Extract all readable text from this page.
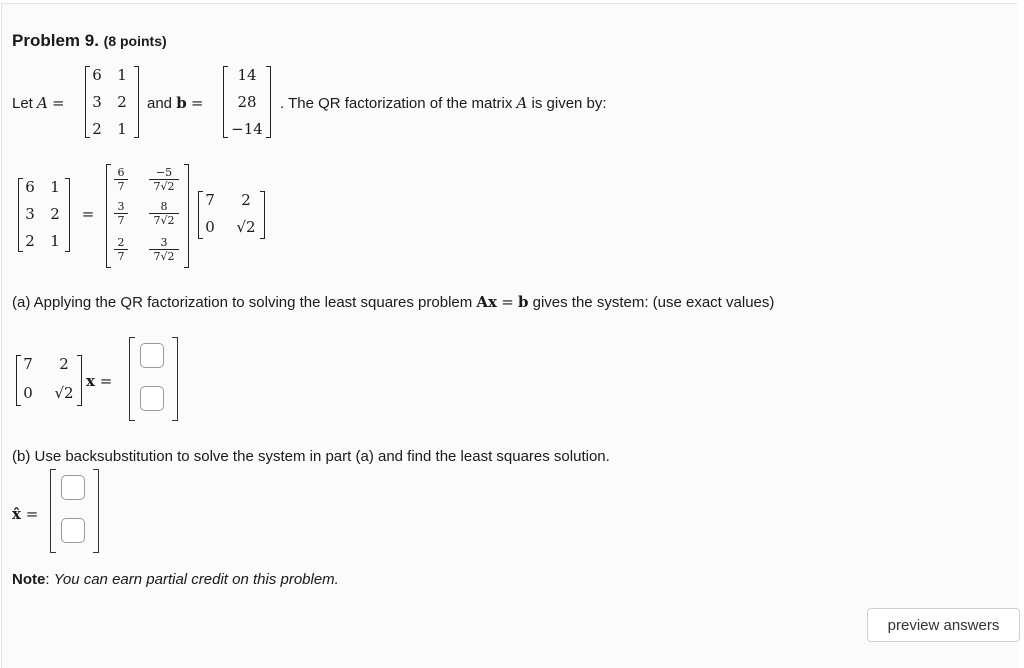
Problem 9. (8 points)
Let A =
6 1
3 2
2 1
and b =
14
28
−14
. The QR factorization of the matrix A is given by:
6 1
3 2
2 1
=
$\frac{6}{7} \frac{-5}{7√2}$
$\frac{3}{7} \frac{8}{7√2}$
$\frac{2}{7} \frac{3}{7√2}$
7	2
0 √2
(a) Applying the QR factorization to solving the least squares problem Ax = b gives the system: (use exact values)
7	2
0 √2
x =
(b) Use backsubstitution to solve the system in part (a) and find the least squares solution.
x̂ =
Note: You can earn partial credit on this problem.
preview answers
